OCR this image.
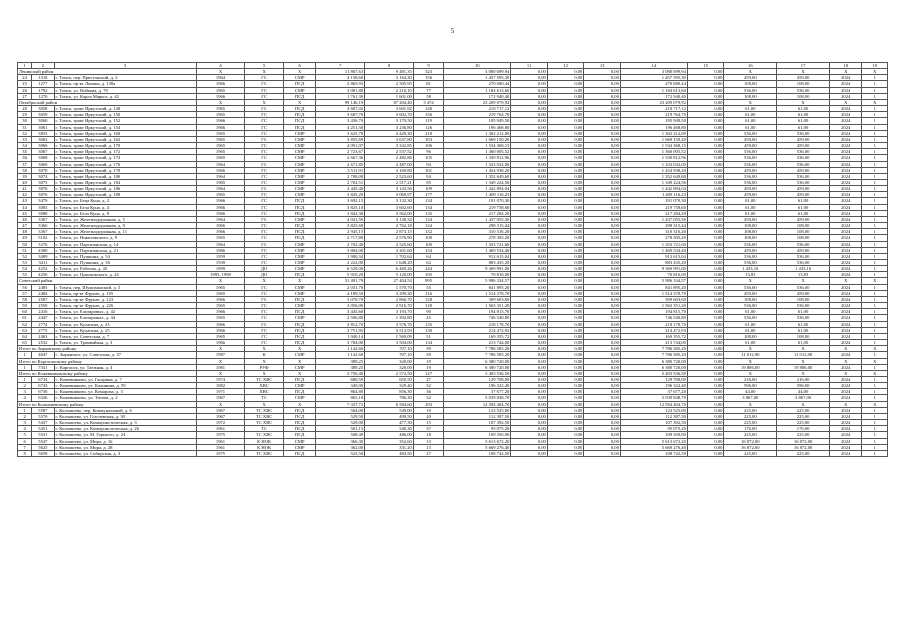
5
1	2	3	4	5	6	7	8	9	10	11	12	13	14	15	16	17	18	19
Ленинский район			X	X	X	11 867,63	9 481,35	323	3 080 699,94	0,00	0,00	0,00	3 080 699,94	0,00	X	X	X	X
24	1318	г. Томск, пер. Пристанский, д. 2	1964	ГС	СМР	4 158,60	3 164,30	156	1 457 595,30	0,00	0,00	0,00	1 457 595,30	0,00	459,00	459,00	2024	1
25	1277	г. Томск, пр-кт Ленина, д. 138а	1966	ГС	ПСД	2 865,93	2 505,95	81	270 680,44	0,00	0,00	0,00	270 680,44	0,00	108,00	108,00	2024	1
26	1792	г. Томск, ул. Войкова, д. 70	1965	ГС	СМР	3 081,80	2 210,10	77	1 184 613,60	0,00	0,00	0,00	1 184 613,60	0,00	536,00	536,00	2024	1
27	1270	г. Томск, ул. Карла Маркса, д. 42	1966	ГС	ПСД	1 761,30	1 601,00	58	172 940,40	0,00	0,00	0,00	172 940,40	0,00	108,00	108,00	2024	1
Октябрьский район			X	X	X	99 146,19	87 204,40	3 474	23 209 079,92	0,00	0,00	0,00	23 209 079,92	0,00	X	X	X	X
28	3058	г. Томск, тракт Иркутский, д. 148	1965	ГС	ПСД	3 687,02	3 601,92	148	219 717,12	0,00	0,00	0,00	219 717,12	0,00	61,00	61,00	2024	1
29	3059	г. Томск, тракт Иркутский, д. 150	1965	ГС	ПСД	3 687,70	3 602,70	156	219 764,70	0,00	0,00	0,00	219 764,70	0,00	61,00	61,00	2024	1
30	3060	г. Томск, тракт Иркутский, д. 152	1966	ГС	ПСД	3 436,70	3 179,50	119	195 949,50	0,00	0,00	0,00	195 949,50	0,00	61,00	61,00	2024	1
31	3061	г. Томск, тракт Иркутский, д. 154	1966	ГС	ПСД	4 251,50	3 236,80	126	196 468,80	0,00	0,00	0,00	196 468,80	0,00	61,00	61,00	2024	1
32	3855	г. Томск, тракт Иркутский, д. 160	1965	ГС	СМР	3 625,70	2 429,30	218	1 302 212,00	0,00	0,00	0,00	1 302 212,00	0,00	536,00	536,00	2024	1
33	3063	г. Томск, тракт Иркутский, д. 162	1965	ГС	СМР	3 855,69	3 637,80	103	1 669 150,20	0,00	0,00	0,00	1 669 150,20	0,00	459,00	459,00	2024	1
34	3066	г. Томск, тракт Иркутский, д. 170	1965	ГС	СМР	4 091,07	3 342,85	106	1 534 368,15	0,00	0,00	0,00	1 534 368,15	0,00	459,00	459,00	2024	1
35	3067	г. Томск, тракт Иркутский, д. 172	1965	ГС	СМР	2 723,67	2 537,52	96	1 360 005,52	0,00	0,00	0,00	1 360 005,52	0,00	536,00	536,00	2024	1
36	3068	г. Томск, тракт Иркутский, д. 174	1965	ГС	СМР	2 667,36	2 482,86	105	1 330 812,96	0,00	0,00	0,00	1 330 812,96	0,00	536,00	536,00	2024	1
37	3069	г. Томск, тракт Иркутский, д. 176	1964	ГС	СМР	2 671,85	2 487,00	94	1 333 032,00	0,00	0,00	0,00	1 333 032,00	0,00	536,00	536,00	2024	1
38	3070	г. Томск, тракт Иркутский, д. 178	1966	ГС	СМР	3 511,91	3 169,80	101	1 454 938,20	0,00	0,00	0,00	1 454 938,20	0,00	459,00	459,00	2024	1
39	3074	г. Томск, тракт Иркутский, д. 180	1964	ГС	СМР	2 708,00	2 523,60	94	1 352 649,60	0,00	0,00	0,00	1 352 649,60	0,00	536,00	536,00	2024	1
40	3075	г. Томск, тракт Иркутский, д. 184	1965	ГС	СМР	2 702,51	2 517,21	95	1 349 224,56	0,00	0,00	0,00	1 349 224,56	0,00	536,00	536,00	2024	1
41	3876	г. Томск, тракт Иркутский, д. 186	1964	ГС	СМР	3 445,40	3 143,56	109	1 442 894,04	0,00	0,00	0,00	1 442 894,04	0,00	459,00	459,00	2024	1
42	3876	г. Томск, тракт Иркутский, д. 188	1965	ГС	СМР	3 845,20	3 069,97	177	1 409 116,23	0,00	0,00	0,00	1 409 116,23	0,00	459,00	459,00	2024	1
43	3479	г. Томск, ул. Беца Куна, д. 2	1966	ГС	ПСД	3 692,15	3 132,30	134	191 070,30	0,00	0,00	0,00	191 070,30	0,00	61,00	61,00	2024	1
44	3083	г. Томск, ул. Бела Куна, д. 4	1966	ГС	ПСД	3 825,10	3 602,60	134	219 758,60	0,00	0,00	0,00	219 758,60	0,00	61,00	61,00	2024	1
45	3088	г. Томск, ул. Бела Куна, д. 8	1966	ГС	ПСД	3 842,30	3 562,00	135	217 284,20	0,00	0,00	0,00	217 284,20	0,00	61,00	61,00	2024	1
46	3367	г. Томск, ул. Железнодорожная, д. 5	1964	ГС	СМР	4 041,56	3 130,34	134	1 437 055,36	0,00	0,00	0,00	1 437 055,36	0,00	459,00	459,00	2024	1
47	3366	г. Томск, ул. Железнодорожная, д. 9	1966	ГС	ПСД	3 825,68	2 762,18	124	298 315,44	0,00	0,00	0,00	298 315,44	0,00	108,00	108,00	2024	1
48	3367	г. Томск, ул. Железнодорожная, д. 11	1966	ГС	ПСД	2 945,15	2 873,15	132	310 316,20	0,00	0,00	0,00	310 316,20	0,00	108,00	108,00	2024	1
49	5102	г. Томск, ул. Никитинского, д. 9	1965	ГС	ПСД	2 717,80	2 576,90	100	278 305,20	0,00	0,00	0,00	278 305,20	0,00	108,00	108,00	2024	1
50	3376	г. Томск, ул. Партизанская, д. 14	1964	ГС	СМР	2 702,40	2 525,60	100	1 353 721,60	0,00	0,00	0,00	1 353 721,60	0,00	536,00	536,00	2024	1
51	4300	г. Томск, ул. Партизанская, д. 21	1966	ГС	СМР	3 804,00	3 201,60	154	1 469 534,40	0,00	0,00	0,00	1 469 534,40	0,00	459,00	459,00	2024	1
52	3409	г. Томск, ул. Пушкина, д. 54	1959	ГС	СМР	1 900,34	1 702,64	64	912 615,04	0,00	0,00	0,00	912 615,04	0,00	536,00	536,00	2024	1
53	3411	г. Томск, ул. Пушкина, д. 56	1939	ГС	СМР	2 222,00	1 648,20	62	883 435,20	0,00	0,00	0,00	883 435,20	0,00	536,00	536,00	2024	1
54	4252	г. Томск, ул. Рабочая, д. 45	1999	ДО	СМР	6 529,00	6 469,26	244	9 369 991,00	0,00	0,00	0,00	9 369 991,00	0,00	1 433,10	1 433,10	2024	1
55	4256	г. Томск, ул. Циолковского, д. 24	1995, 1998	ДО	ПСД	5 910,20	5 120,00	195	70 816,00	0,00	0,00	0,00	70 816,00	0,00	13,83	13,83	2024	1
Советский район			X	X	X	31 491,79	27 404,54	995	5 986 334,57	0,00	0,00	0,00	5 986 334,57	0,00	X	X	X	X
56	2485	г. Томск, пер. Шумихинский, д. 5	1965	ГС	СМР	2 031,70	1 570,70	55	841 895,20	0,00	0,00	0,00	841 895,20	0,00	536,00	536,00	2024	1
57	2484	г. Томск, пр-кт Фрунзе, д. 105	1965	ГС	СМР	4 189,50	3 299,30	116	1 514 378,70	0,00	0,00	0,00	1 514 378,70	0,00	459,00	459,00	2024	1
58	2587	г. Томск, пр-кт Фрунзе, д. 123	1966	ГС	ПСД	3 070,70	2 866,70	128	309 603,60	0,00	0,00	0,00	309 603,60	0,00	108,00	108,00	2024	1
59	2550	г. Томск, пр-кт Фрунзе, д. 226	1965	ГС	СМР	3 056,00	2 916,70	120	1 563 351,20	0,00	0,00	0,00	1 563 351,20	0,00	536,00	536,00	2024	1
60	2416	г. Томск, ул. Елизаровых, д. 42	1966	ГС	ПСД	3 445,60	3 193,70	90	194 815,70	0,00	0,00	0,00	194 815,70	0,00	61,00	61,00	2024	1
61	2447	г. Томск, ул. Елизаровых, д. 44	1965	ГС	СМР	2 506,80	1 392,80	45	746 540,80	0,00	0,00	0,00	746 540,80	0,00	536,00	536,00	2024	1
62	2774	г. Томск, ул. Кулагина, д. 23	1966	ГС	ПСД	3 812,70	3 576,70	135	218 178,70	0,00	0,00	0,00	218 178,70	0,00	61,00	61,00	2024	1
63	2775	г. Томск, ул. Кулагина, д. 25	1966	ГС	ПСД	3 751,95	3 513,93	130	214 472,93	0,00	0,00	0,00	214 472,93	0,00	61,00	61,00	2024	1
64	2463	г. Томск, ул. Советская, д. 7	1965	ГС	ПСД	1 940,14	1 569,09	51	169 355,72	0,00	0,00	0,00	169 355,72	0,00	108,00	108,00	2024	1
65	2532	г. Томск, ул. Трамвайная, д. 3	1966	ГС	ПСД	3 784,00	3 504,00	134	213 744,00	0,00	0,00	0,00	213 744,00	0,00	61,00	61,00	2024	1
Итого по Зырянскому району			X	X	X	1 142,60	707,10	39	7 786 585,20	0,00	0,00	0,00	7 786 585,20	0,00	X	X	X	X
1	4647	с. Зырянское, ул. Советская, д. 37	1987	К	СМР	1 142,60	707,10	39	7 786 585,20	0,00	0,00	0,00	7 786 585,20	0,00	11 012,00	11 012,00	2024	1
Итого по Каргасокскому району			X	X	X	389,25	320,00	19	6 380 720,00	0,00	0,00	0,00	6 380 720,00	0,00	X	X	X	X
1	7331	с. Каргасок, ул. Таежная, д. 4	1981	РУФ	СМР	389,25	320,00	19	6 380 720,00	0,00	0,00	0,00	6 380 720,00	0,00	19 886,00	19 886,00	2024	1
Итого по Кожевниковскому району			X	X	X	2 750,40	2 572,50	127	5 403 536,50	0,00	0,00	0,00	5 403 536,50	0,00	X	X	X	X
1	6734	с. Кожевниково, ул. Гагарина, д. 7	1974	ТС ХВС	ПСД	680,50	650,50	27	129 708,00	0,00	0,00	0,00	129 708,00	0,00	216,00	216,00	2024	1
2	6743	с. Кожевниково, ул. Калинина, д. 59	1982	ХВС	СМР	340,00	329,40	32	196 322,40	0,00	0,00	0,00	196 322,40	0,00	596,00	596,00	2024	1
3	6736	с. Кожевниково, ул. Комарова, д. 3	1971	ХВС	ПСД	864,80	856,30	36	37 677,20	0,00	0,00	0,00	37 677,20	0,00	44,00	44,00	2024	1
4	6326	с. Кожевниково, ул. Титова, д. 2	1967	ТС	СМР	865,10	786,30	32	5 039 848,70	0,00	0,00	0,00	5 039 848,70	0,00	3 867,00	3 867,00	2024	1
Итого по Колпашевскому району			X	X	X	7 337,73	6 584,60	293	12 594 404,70	0,00	0,00	0,00	12 594 404,70	0,00	X	X	X	X
1	5587	г. Колпашево, пер. Коммунальный, д. 6	1967	ТС ХВС	ПСД	564,00	549,00	19	123 525,00	0,00	0,00	0,00	123 525,00	0,00	225,00	225,00	2024	1
2	5570	г. Колпашево, ул. Гоголевская, д. 30	1967	ТС ХВС	ПСД	529,50	499,50	20	112 387,50	0,00	0,00	0,00	112 387,50	0,00	225,00	225,00	2024	1
3	5437	г. Колпашево, ул. Коммунистическая, д. 3	1972	ТС ХВС	ПСД	529,00	477,30	15	107 392,50	0,00	0,00	0,00	107 392,50	0,00	225,00	225,00	2024	1
4	5451	г. Колпашево, ул. Коммунистическая, д. 26	1961	ТС	ПСД	581,15	540,30	37	95 075,20	0,00	0,00	0,00	95 075,20	0,00	176,00	176,00	2024	1
5	5531	г. Колпашево, ул. М. Горького, д. 24	1975	ТС ХВС	ПСД	508,40	486,00	18	109 350,00	0,00	0,00	0,00	109 350,00	0,00	225,00	225,00	2024	1
6	5547	г. Колпашево, ул. Мира, д. 16	1961	К НОК	СМР	366,30	352,60	13	5 613 672,20	0,00	0,00	0,00	5 613 672,20	0,00	16 872,00	16 872,00	2024	1
7	5625	г. Колпашево, ул. Мира, д. 28	1961	К НОК	СМР	362,00	331,20	13	5 669 276,40	0,00	0,00	0,00	5 669 276,40	0,00	16 872,00	16 872,00	2024	1
8	5658	г. Колпашево, ул. Сибирская, д. 3	1975	ТС ХВС	ПСД	525,50	483,50	27	108 742,50	0,00	0,00	0,00	108 742,50	0,00	225,00	225,00	2024	1
